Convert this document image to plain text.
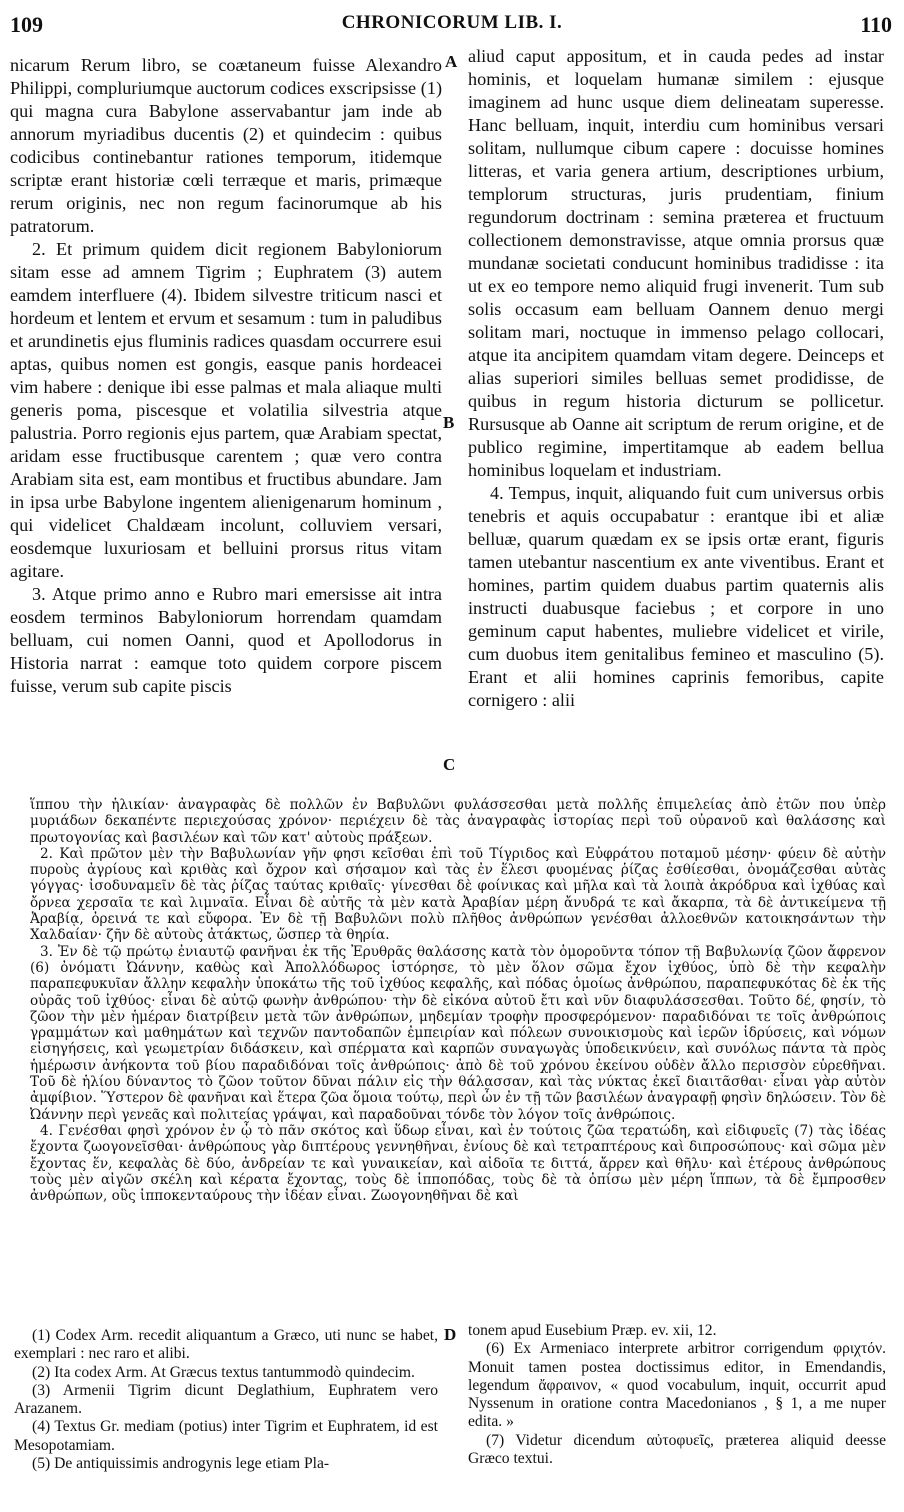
109	CHRONICORUM LIB. I.	110

nicarum Rerum libro, se coætaneum fuisse Alexandro Philippi, compluriumque auctorum codices exscripsisse (1) qui magna cura Babylone asservabantur jam inde ab annorum myriadibus ducentis (2) et quindecim : quibus codicibus continebantur rationes temporum, itidemque scriptæ erant historiæ cœli terræque et maris, primæque rerum originis, nec non regum facinorumque ab his patratorum.

2. Et primum quidem dicit regionem Babyloniorum sitam esse ad amnem Tigrim ; Euphratem (3) autem eamdem interfluere (4). Ibidem silvestre triticum nasci et hordeum et lentem et ervum et sesamum : tum in paludibus et arundinetis ejus fluminis radices quasdam occurrere esui aptas, quibus nomen est gongis, easque panis hordeacei vim habere : denique ibi esse palmas et mala aliaque multi generis poma, piscesque et volatilia silvestria atque palustria. Porro regionis ejus partem, quæ Arabiam spectat, aridam esse fructibusque carentem ; quæ vero contra Arabiam sita est, eam montibus et fructibus abundare. Jam in ipsa urbe Babylone ingentem alienigenarum hominum , qui videlicet Chaldæam incolunt, colluviem versari, eosdemque luxuriosam et belluini prorsus ritus vitam agitare.

3. Atque primo anno e Rubro mari emersisse ait intra eosdem terminos Babyloniorum horrendam quamdam belluam, cui nomen Oanni, quod et Apollodorus in Historia narrat : eamque toto quidem corpore piscem fuisse, verum sub capite piscis

aliud caput appositum, et in cauda pedes ad instar hominis, et loquelam humanæ similem : ejusque imaginem ad hunc usque diem delineatam superesse. Hanc belluam, inquit, interdiu cum hominibus versari solitam, nullumque cibum capere : docuisse homines litteras, et varia genera artium, descriptiones urbium, templorum structuras, juris prudentiam, finium regundorum doctrinam : semina præterea et fructuum collectionem demonstravisse, atque omnia prorsus quæ mundanæ societati conducunt hominibus tradidisse : ita ut ex eo tempore nemo aliquid frugi invenerit. Tum sub solis occasum eam belluam Oannem denuo mergi solitam mari, noctuque in immenso pelago collocari, atque ita ancipitem quamdam vitam degere. Deinceps et alias superiori similes belluas semet prodidisse, de quibus in regum historia dicturum se pollicetur. Rursusque ab Oanne ait scriptum de rerum origine, et de publico regimine, impertitamque ab eadem bellua hominibus loquelam et industriam.

4. Tempus, inquit, aliquando fuit cum universus orbis tenebris et aquis occupabatur : erantque ibi et aliæ belluæ, quarum quædam ex se ipsis ortæ erant, figuris tamen utebantur nascentium ex ante viventibus. Erant et homines, partim quidem duabus partim quaternis alis instructi duabusque faciebus ; et corpore in uno geminum caput habentes, muliebre videlicet et virile, cum duobus item genitalibus femineo et masculino (5). Erant et alii homines caprinis femoribus, capite cornigero : alii

A
B
C
D

ἵππου τὴν ἡλικίαν· ἀναγραφὰς δὲ πολλῶν ἐν Βαβυλῶνι φυλάσσεσθαι μετὰ πολλῆς ἐπιμελείας ἀπὸ ἐτῶν που ὑπὲρ μυριάδων δεκαπέντε περιεχούσας χρόνον· περιέχειν δὲ τὰς ἀναγραφὰς ἱστορίας περὶ τοῦ οὐρανοῦ καὶ θαλάσσης καὶ πρωτογονίας καὶ βασιλέων καὶ τῶν κατ' αὐτοὺς πράξεων.

2. Καὶ πρῶτον μὲν τὴν Βαβυλωνίαν γῆν φησι κεῖσθαι ἐπὶ τοῦ Τίγριδος καὶ Εὐφράτου ποταμοῦ μέσην· φύειν δὲ αὐτὴν πυροὺς ἀγρίους καὶ κριθὰς καὶ ὄχρον καὶ σήσαμον καὶ τὰς ἐν ἕλεσι φυομένας ῥίζας ἐσθίεσθαι, ὀνομάζεσθαι αὐτὰς γόγγας· ἰσοδυναμεῖν δὲ τὰς ῥίζας ταύτας κριθαῖς· γίνεσθαι δὲ φοίνικας καὶ μῆλα καὶ τὰ λοιπὰ ἀκρόδρυα καὶ ἰχθύας καὶ ὄρνεα χερσαῖα τε καὶ λιμναῖα. Εἶναι δὲ αὐτῆς τὰ μὲν κατὰ Ἀραβίαν μέρη ἄνυδρά τε καὶ ἄκαρπα, τὰ δὲ ἀντικείμενα τῇ Ἀραβίᾳ, ὀρεινά τε καὶ εὔφορα. Ἐν δὲ τῇ Βαβυλῶνι πολὺ πλῆθος ἀνθρώπων γενέσθαι ἀλλοεθνῶν κατοικησάντων τὴν Χαλδαίαν· ζῆν δὲ αὐτοὺς ἀτάκτως, ὥσπερ τὰ θηρία.

3. Ἐν δὲ τῷ πρώτῳ ἐνιαυτῷ φανῆναι ἐκ τῆς Ἐρυθρᾶς θαλάσσης κατὰ τὸν ὁμοροῦντα τόπον τῇ Βαβυλωνίᾳ ζῶον ἄφρενον (6) ὀνόματι Ὠάννην, καθὼς καὶ Ἀπολλόδωρος ἱστόρησε, τὸ μὲν ὅλον σῶμα ἔχον ἰχθύος, ὑπὸ δὲ τὴν κεφαλὴν παραπεφυκυῖαν ἄλλην κεφαλὴν ὑποκάτω τῆς τοῦ ἰχθύος κεφαλῆς, καὶ πόδας ὁμοίως ἀνθρώπου, παραπεφυκότας δὲ ἐκ τῆς οὐρᾶς τοῦ ἰχθύος· εἶναι δὲ αὐτῷ φωνὴν ἀνθρώπου· τὴν δὲ εἰκόνα αὐτοῦ ἔτι καὶ νῦν διαφυλάσσεσθαι. Τοῦτο δέ, φησίν, τὸ ζῶον τὴν μὲν ἡμέραν διατρίβειν μετὰ τῶν ἀνθρώπων, μηδεμίαν τροφὴν προσφερόμενον· παραδιδόναι τε τοῖς ἀνθρώποις γραμμάτων καὶ μαθημάτων καὶ τεχνῶν παντοδαπῶν ἐμπειρίαν καὶ πόλεων συνοικισμοὺς καὶ ἱερῶν ἱδρύσεις, καὶ νόμων εἰσηγήσεις, καὶ γεωμετρίαν διδάσκειν, καὶ σπέρματα καὶ καρπῶν συναγωγὰς ὑποδεικνύειν, καὶ συνόλως πάντα τὰ πρὸς ἡμέρωσιν ἀνήκοντα τοῦ βίου παραδιδόναι τοῖς ἀνθρώποις· ἀπὸ δὲ τοῦ χρόνου ἐκείνου οὐδὲν ἄλλο περισσὸν εὑρεθῆναι. Τοῦ δὲ ἡλίου δύναντος τὸ ζῶον τοῦτον δῦναι πάλιν εἰς τὴν θάλασσαν, καὶ τὰς νύκτας ἐκεῖ διαιτᾶσθαι· εἶναι γὰρ αὐτὸν ἀμφίβιον. Ὕστερον δὲ φανῆναι καὶ ἕτερα ζῶα ὅμοια τούτῳ, περὶ ὧν ἐν τῇ τῶν βασιλέων ἀναγραφῇ φησὶν δηλώσειν. Τὸν δὲ Ὠάννην περὶ γενεᾶς καὶ πολιτείας γράψαι, καὶ παραδοῦναι τόνδε τὸν λόγον τοῖς ἀνθρώποις.

4. Γενέσθαι φησὶ χρόνον ἐν ᾧ τὸ πᾶν σκότος καὶ ὕδωρ εἶναι, καὶ ἐν τούτοις ζῶα τερατώδη, καὶ εἰδιφυεῖς (7) τὰς ἰδέας ἔχοντα ζωογονεῖσθαι· ἀνθρώπους γὰρ διπτέρους γεννηθῆναι, ἐνίους δὲ καὶ τετραπτέρους καὶ διπροσώπους· καὶ σῶμα μὲν ἔχοντας ἕν, κεφαλὰς δὲ δύο, ἀνδρείαν τε καὶ γυναικείαν, καὶ αἰδοῖα τε διττά, ἄρρεν καὶ θῆλυ· καὶ ἑτέρους ἀνθρώπους τοὺς μὲν αἰγῶν σκέλη καὶ κέρατα ἔχοντας, τοὺς δὲ ἱπποπόδας, τοὺς δὲ τὰ ὀπίσω μὲν μέρη ἵππων, τὰ δὲ ἔμπροσθεν ἀνθρώπων, οὓς ἱπποκενταύρους τὴν ἰδέαν εἶναι. Ζωογονηθῆναι δὲ καὶ

(1) Codex Arm. recedit aliquantum a Græco, uti nunc se habet, exemplari : nec raro et alibi.

(2) Ita codex Arm. At Græcus textus tantummodò quindecim.

(3) Armenii Tigrim dicunt Deglathium, Euphratem vero Arazanem.

(4) Textus Gr. mediam (potius) inter Tigrim et Euphratem, id est Mesopotamiam.

(5) De antiquissimis androgynis lege etiam Pla-

tonem apud Eusebium Præp. ev. xii, 12.

(6) Ex Armeniaco interprete arbitror corrigendum φριχτόν. Monuit tamen postea doctissimus editor, in Emendandis, legendum ἄφραινον, « quod vocabulum, inquit, occurrit apud Nyssenum in oratione contra Macedonianos , § 1, a me nuper edita. »

(7) Videtur dicendum αὐτοφυεῖς, præterea aliquid deesse Græco textui.
